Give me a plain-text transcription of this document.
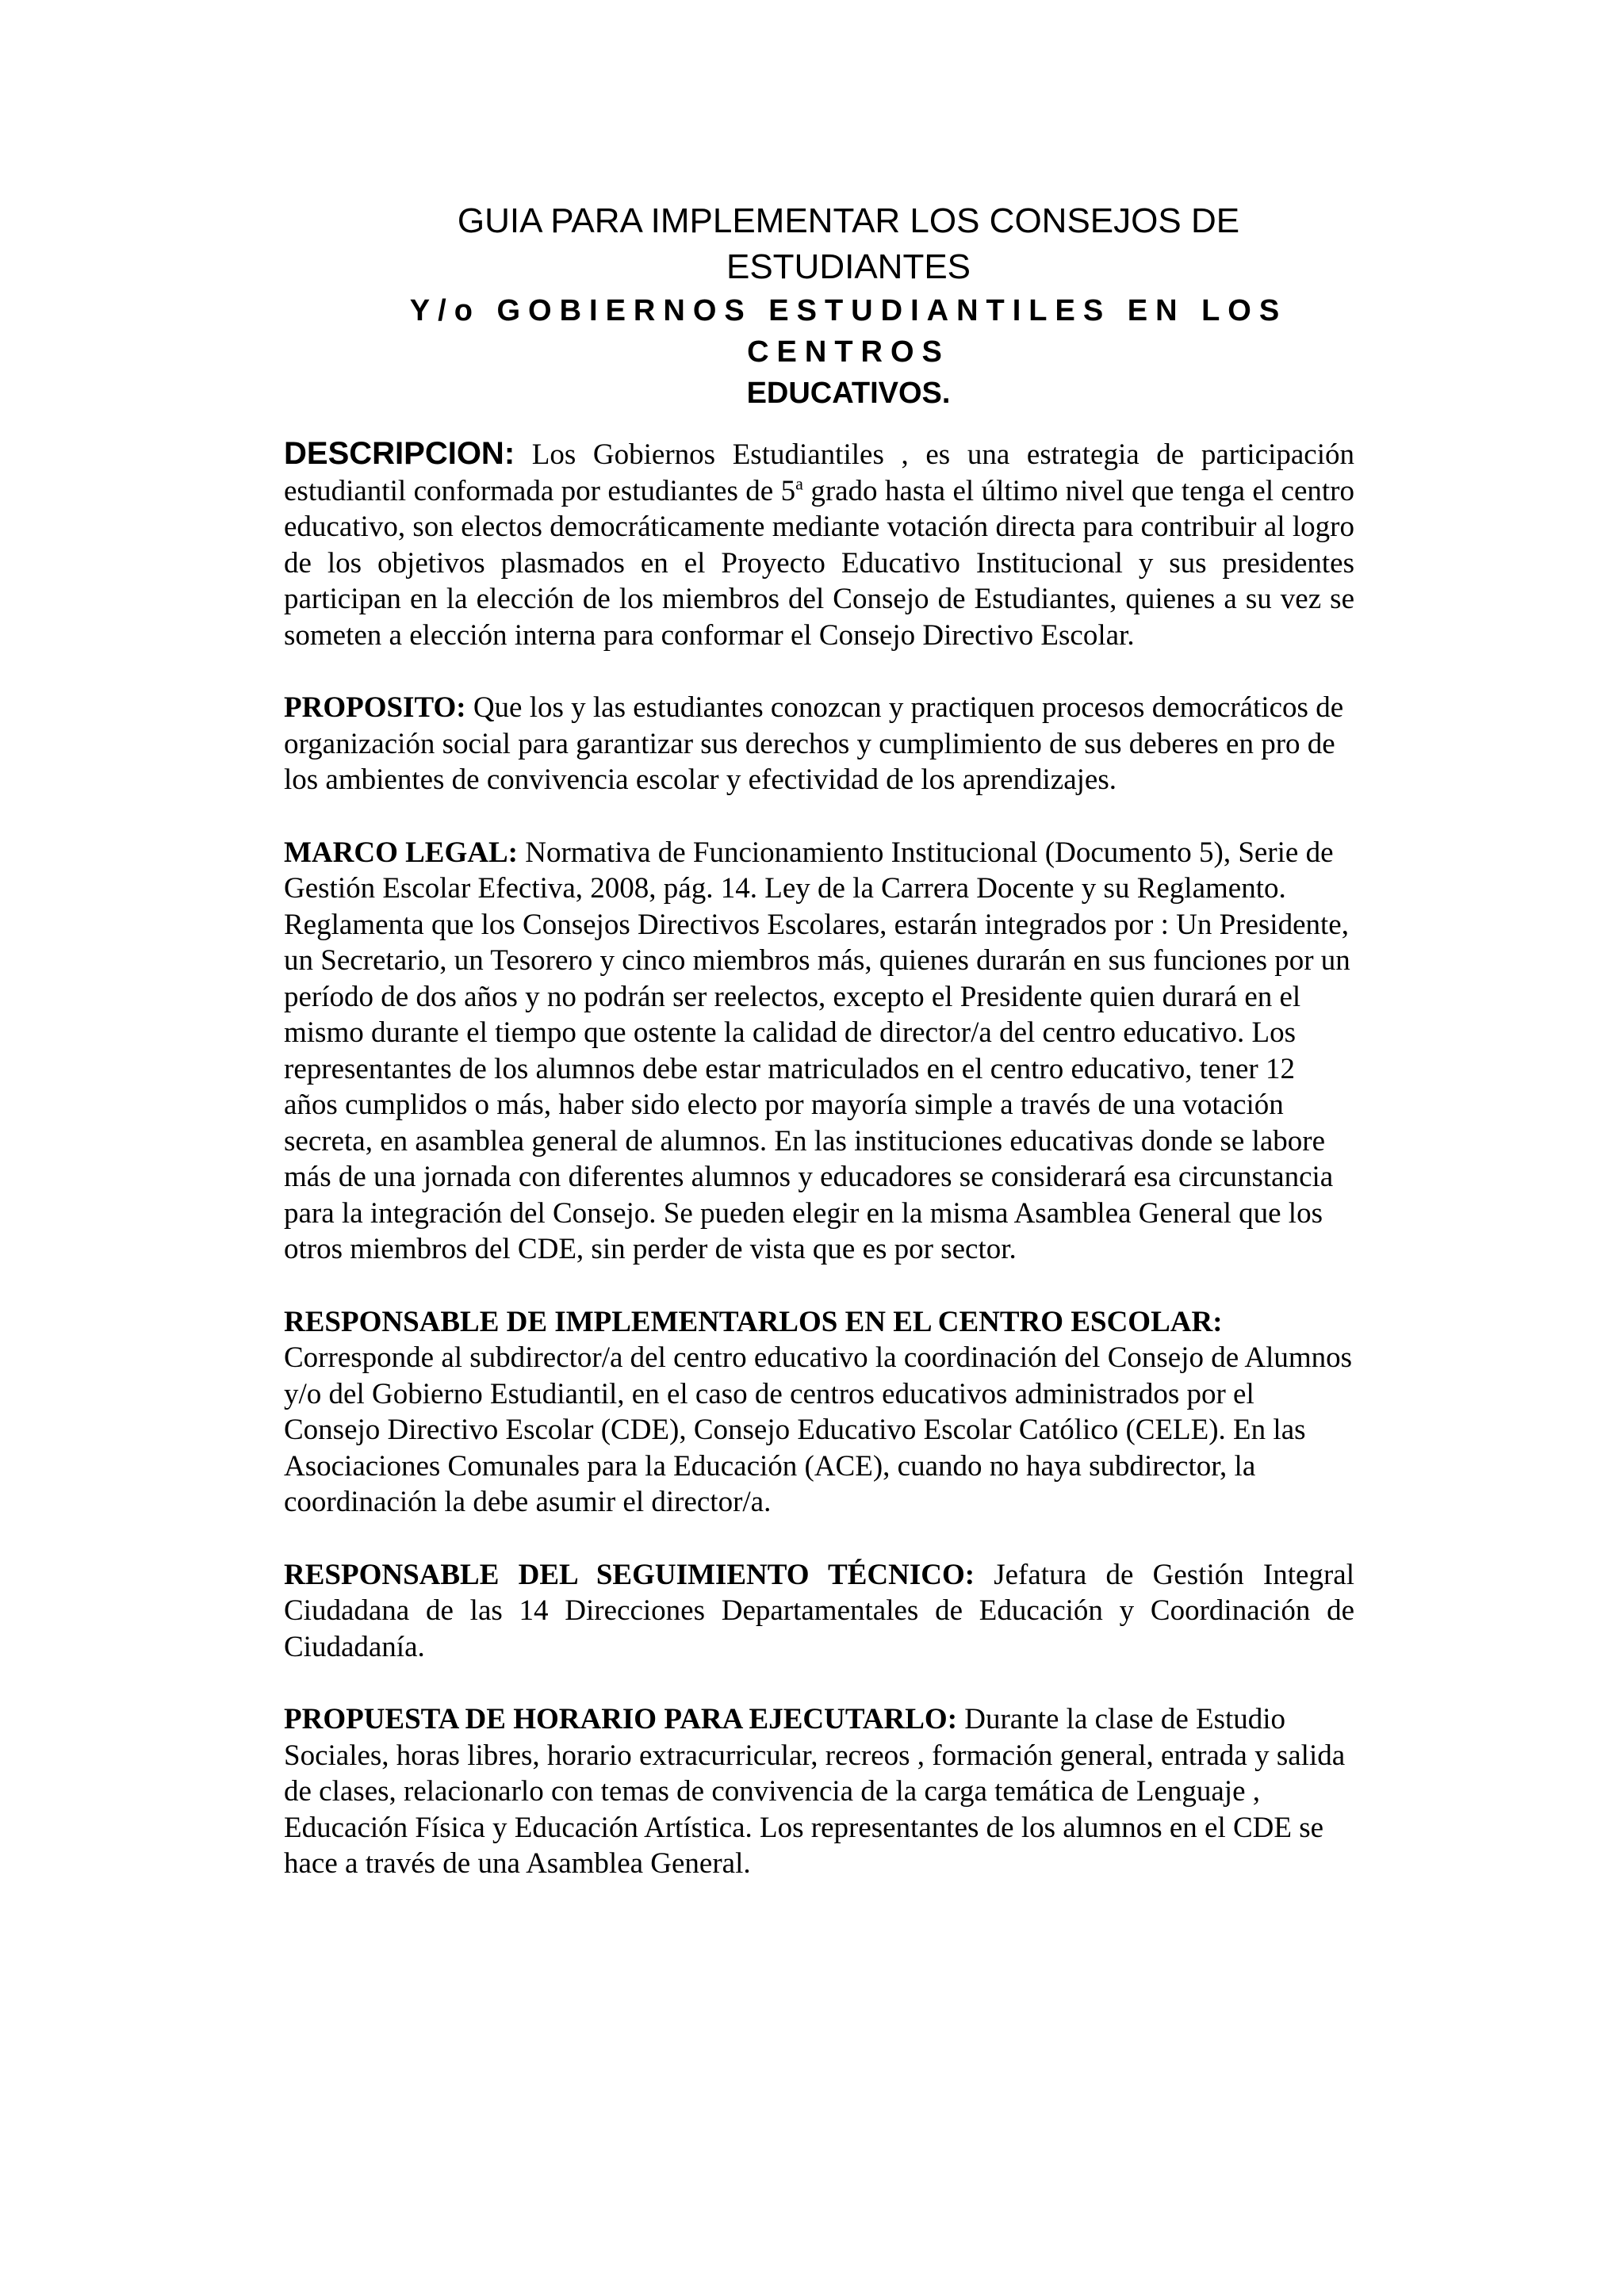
GUIA PARA IMPLEMENTAR LOS CONSEJOS DE

ESTUDIANTES

Y/o GOBIERNOS ESTUDIANTILES EN LOS

CENTROS

EDUCATIVOS.

DESCRIPCION: Los Gobiernos Estudiantiles , es una estrategia de participación estudiantil conformada por estudiantes de 5$^a$ grado hasta el último nivel que tenga el centro educativo, son electos democráticamente mediante votación directa para contribuir al logro de los objetivos plasmados en el Proyecto Educativo Institucional y sus presidentes participan en la elección de los miembros del Consejo de Estudiantes, quienes a su vez se someten a elección interna para conformar el Consejo Directivo Escolar.

PROPOSITO: Que los y las estudiantes conozcan y practiquen procesos democráticos de organización social para garantizar sus derechos y cumplimiento de sus deberes en pro de los ambientes de convivencia escolar y efectividad de los aprendizajes.

MARCO LEGAL: Normativa de Funcionamiento Institucional (Documento 5), Serie de Gestión Escolar Efectiva, 2008, pág. 14. Ley de la Carrera Docente y su Reglamento. Reglamenta que los Consejos Directivos Escolares, estarán integrados por : Un Presidente, un Secretario, un Tesorero y cinco miembros más, quienes durarán en sus funciones por un período de dos años y no podrán ser reelectos, excepto el Presidente quien durará en el mismo durante el tiempo que ostente la calidad de director/a del centro educativo. Los representantes de los alumnos debe estar matriculados en el centro educativo, tener 12 años cumplidos o más, haber sido electo por mayoría simple a través de una votación secreta, en asamblea general de alumnos. En las instituciones educativas donde se labore más de una jornada con diferentes alumnos y educadores se considerará esa circunstancia para la integración del Consejo. Se pueden elegir en la misma Asamblea General que los otros miembros del CDE, sin perder de vista que es por sector.

RESPONSABLE DE IMPLEMENTARLOS EN EL CENTRO ESCOLAR:
Corresponde al subdirector/a del centro educativo la coordinación del Consejo de Alumnos y/o del Gobierno Estudiantil, en el caso de centros educativos administrados por el Consejo Directivo Escolar (CDE), Consejo Educativo Escolar Católico (CELE). En las Asociaciones Comunales para la Educación (ACE), cuando no haya subdirector, la coordinación la debe asumir el director/a.

RESPONSABLE DEL SEGUIMIENTO TÉCNICO: Jefatura de Gestión Integral Ciudadana de las 14 Direcciones Departamentales de Educación y Coordinación de Ciudadanía.

PROPUESTA DE HORARIO PARA EJECUTARLO: Durante la clase de Estudio Sociales, horas libres, horario extracurricular, recreos , formación general, entrada y salida de clases, relacionarlo con temas de convivencia de la carga temática de Lenguaje , Educación Física y Educación Artística. Los representantes de los alumnos en el CDE se hace a través de una Asamblea General.
